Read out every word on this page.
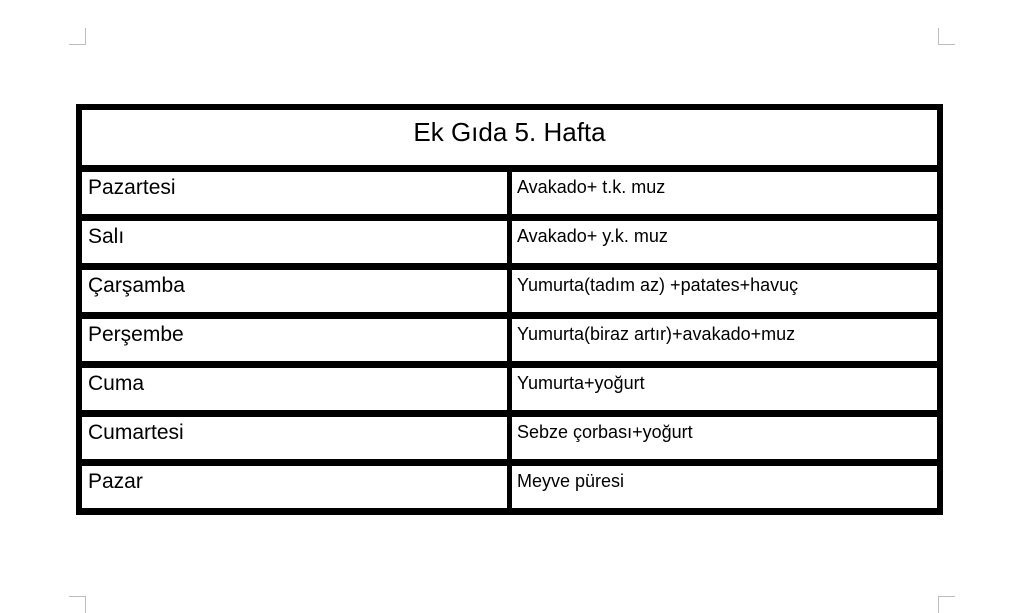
Ek Gıda 5. Hafta
Pazartesi	Avakado+ t.k. muz
Salı	Avakado+ y.k. muz
Çarşamba	Yumurta(tadım az) +patates+havuç
Perşembe	Yumurta(biraz artır)+avakado+muz
Cuma	Yumurta+yoğurt
Cumartesi	Sebze çorbası+yoğurt
Pazar	Meyve püresi
